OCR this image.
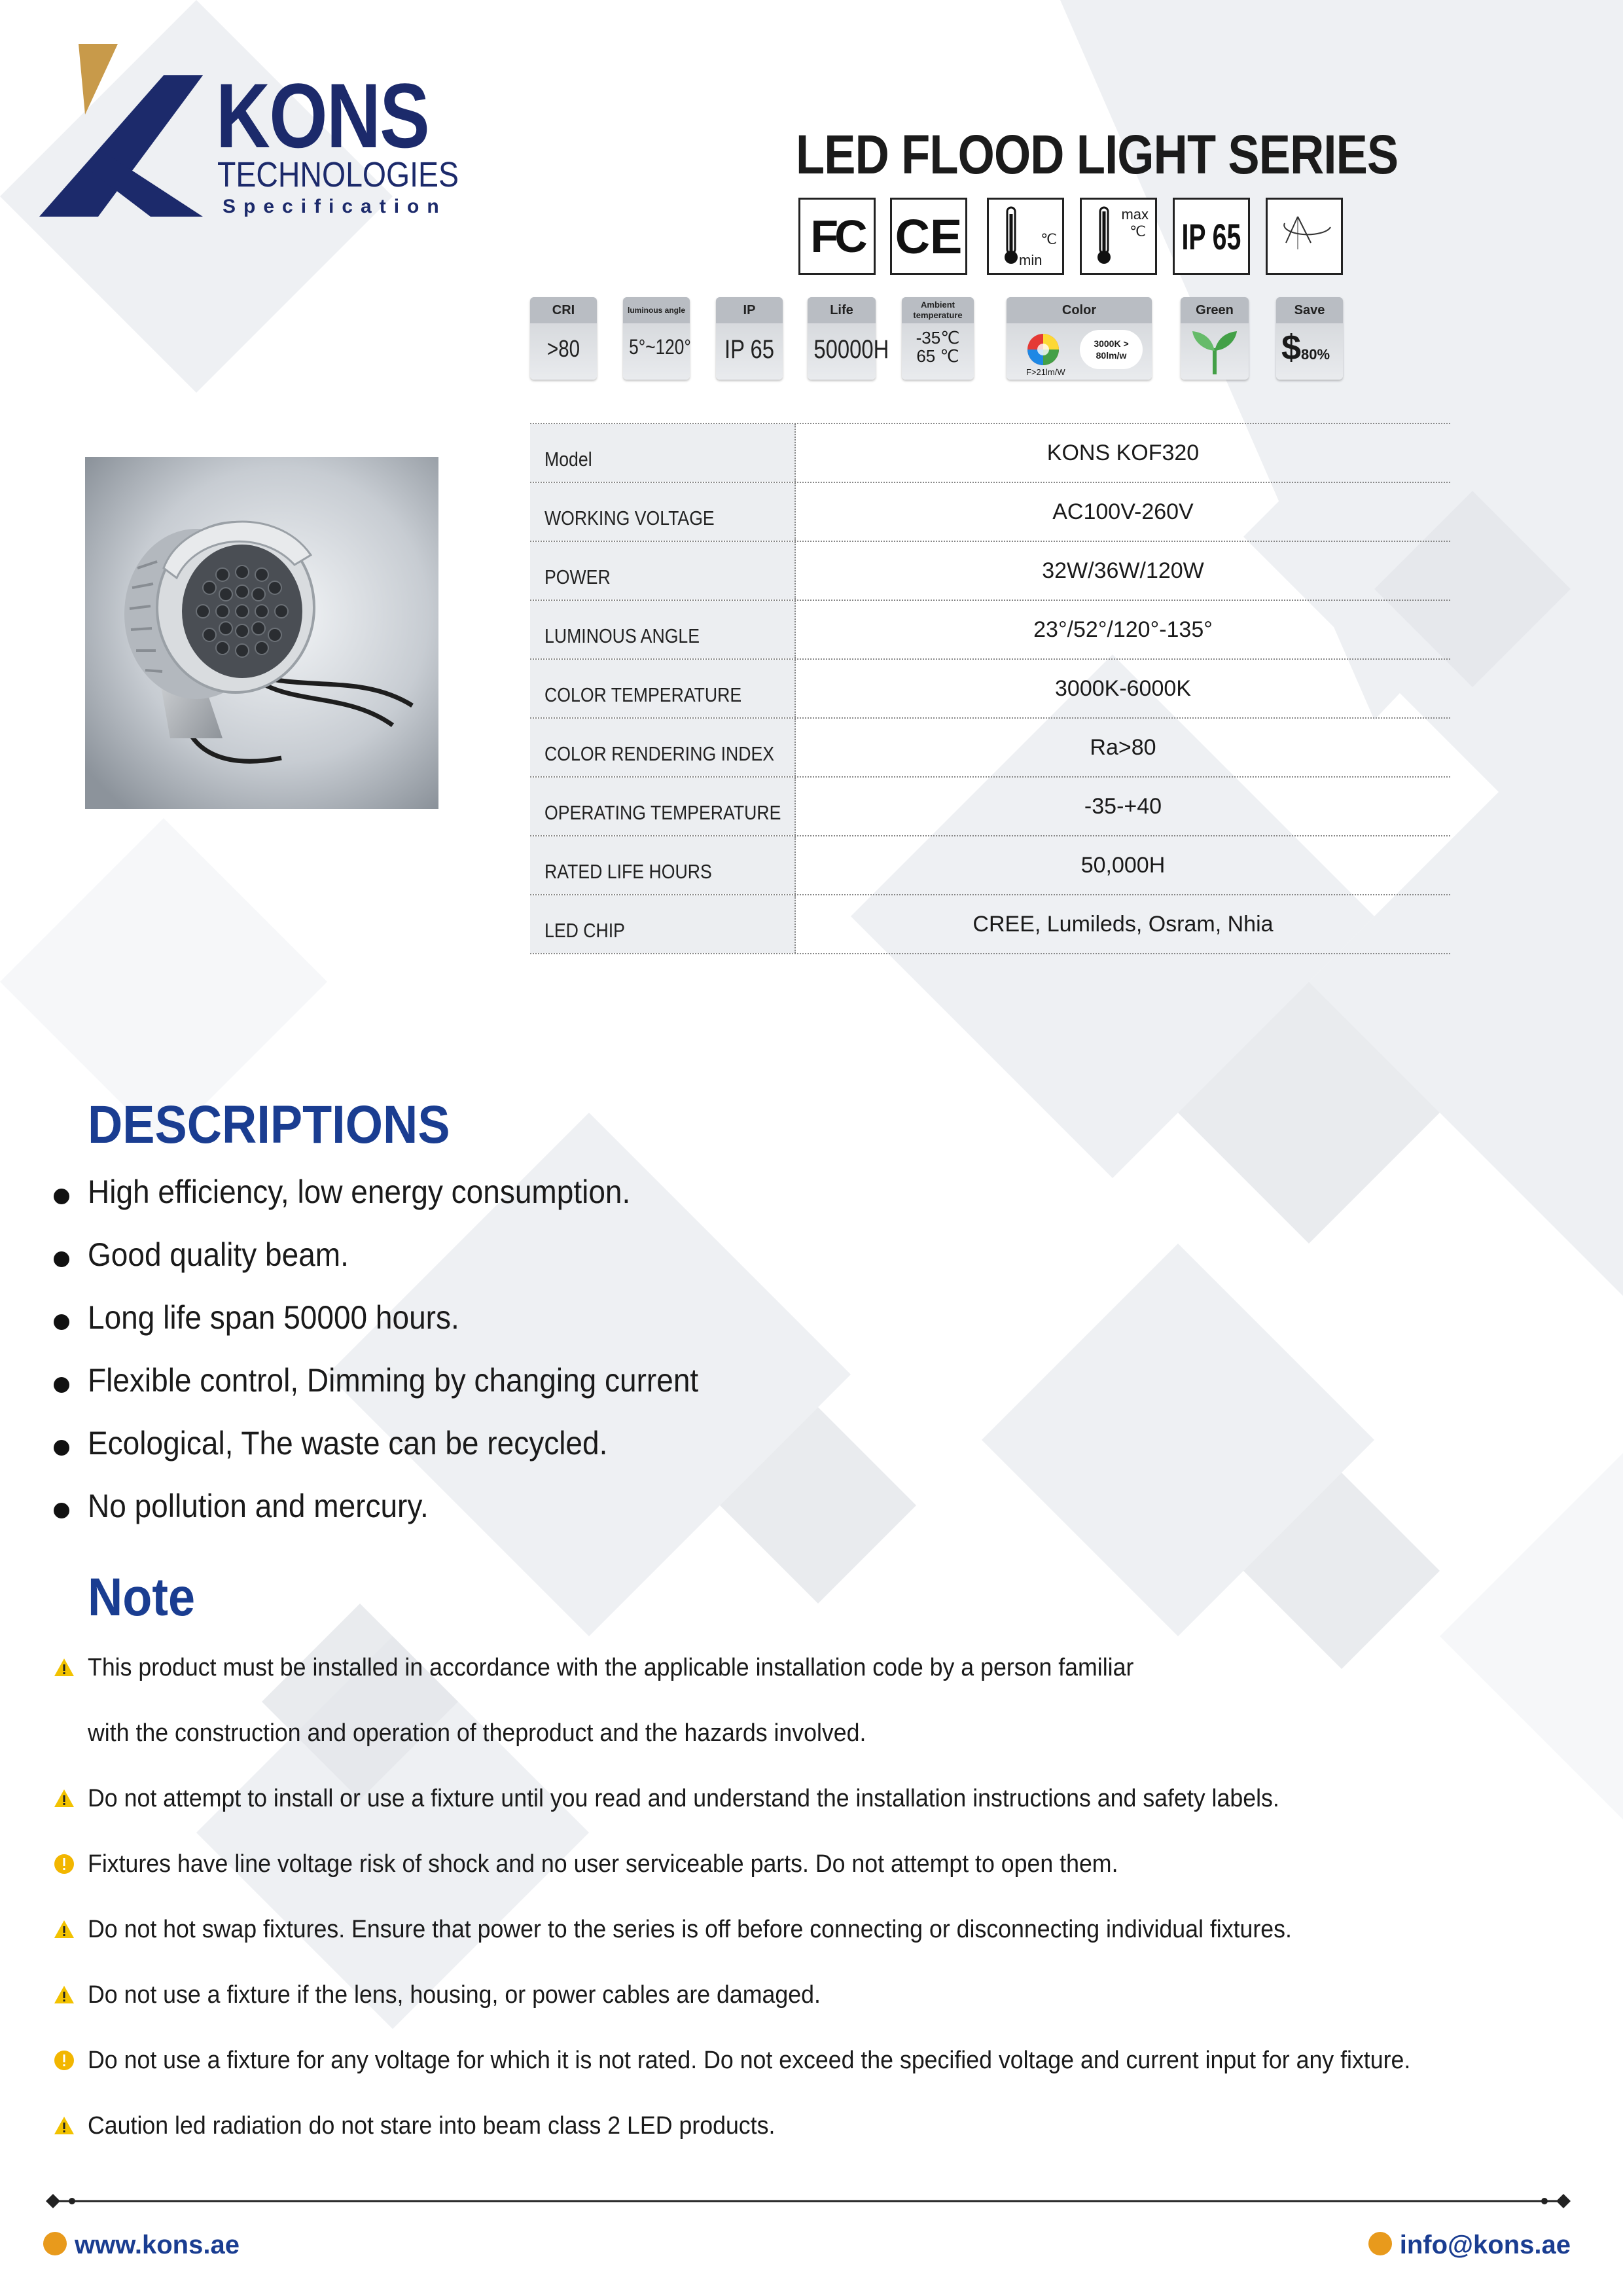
KONS
TECHNOLOGIES
Specification
LED FLOOD LIGHT SERIES
FC CE	℃
min
max
℃ IP 65
CRI
>80
luminous angle
5°~120°
IP
IP 65
Life
50000H
Ambient temperature
-35℃
65 ℃
Color
3000K >
80lm/w
F>21lm/W
Green	Save
$80%
Model	KONS KOF320
WORKING VOLTAGE	AC100V-260V
POWER	32W/36W/120W
LUMINOUS ANGLE	23°/52°/120°-135°
COLOR TEMPERATURE	3000K-6000K
COLOR RENDERING INDEX	Ra>80
OPERATING TEMPERATURE	-35-+40
RATED LIFE HOURS	50,000H
LED CHIP	CREE, Lumileds, Osram, Nhia
DESCRIPTIONS
High efficiency, low energy consumption.
Good quality beam.
Long life span 50000 hours.
Flexible control, Dimming by changing current
Ecological, The waste can be recycled.
No pollution and mercury.
Note
This product must be installed in accordance with the applicable installation code by a person familiar
with the construction and operation of theproduct and the hazards involved.
Do not attempt to install or use a fixture until you read and understand the installation instructions and safety labels.
Fixtures have line voltage risk of shock and no user serviceable parts. Do not attempt to open them.
Do not hot swap fixtures. Ensure that power to the series is off before connecting or disconnecting individual fixtures.
Do not use a fixture if the lens, housing, or power cables are damaged.
Do not use a fixture for any voltage for which it is not rated. Do not exceed the specified voltage and current input for any fixture.
Caution led radiation do not stare into beam class 2 LED products.
www.kons.ae	info@kons.ae
